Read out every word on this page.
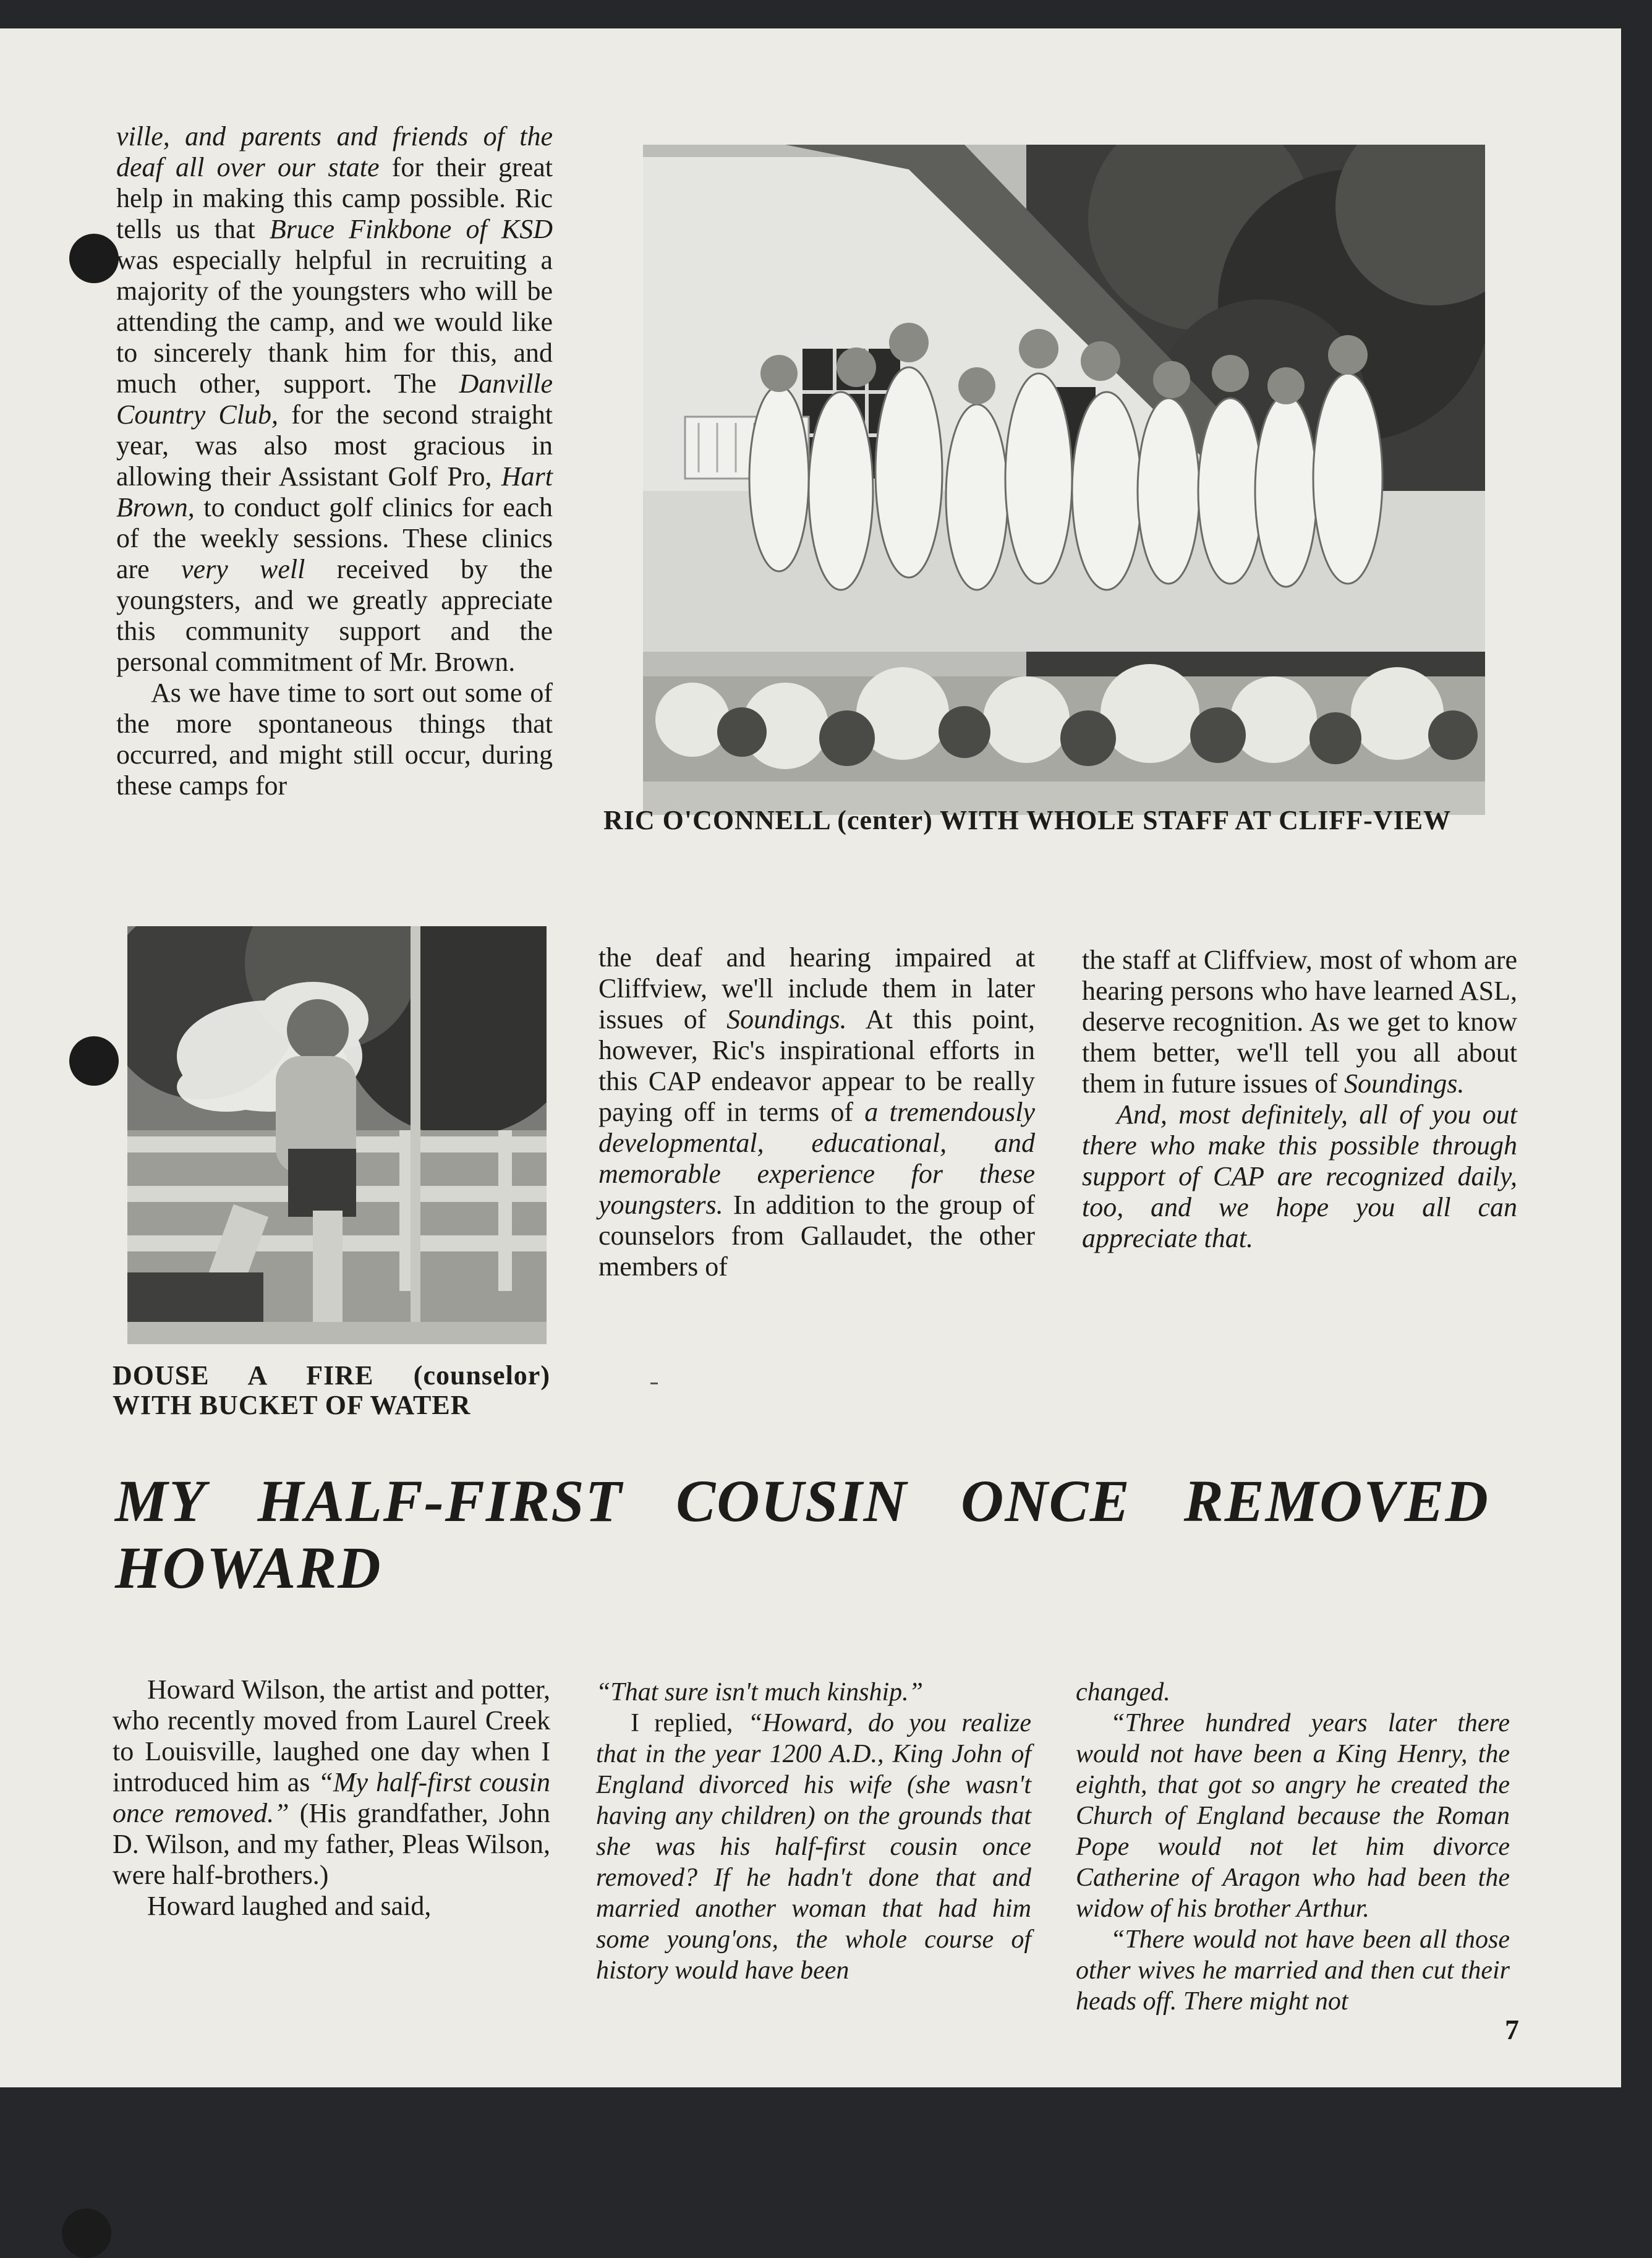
ville, and parents and friends of the deaf all over our state for their great help in making this camp possible. Ric tells us that Bruce Finkbone of KSD was especially helpful in recruiting a majority of the youngsters who will be attending the camp, and we would like to sincerely thank him for this, and much other, support. The Danville Country Club, for the second straight year, was also most gracious in allowing their Assistant Golf Pro, Hart Brown, to conduct golf clinics for each of the weekly sessions. These clinics are very well received by the youngsters, and we greatly appreciate this community support and the personal commitment of Mr. Brown.

As we have time to sort out some of the more spontaneous things that occurred, and might still occur, during these camps for

RIC O'CONNELL (center) WITH WHOLE STAFF AT CLIFF-VIEW
DOUSE A FIRE (counselor)
WITH BUCKET OF WATER

the deaf and hearing impaired at Cliffview, we'll include them in later issues of Soundings. At this point, however, Ric's inspirational efforts in this CAP endeavor appear to be really paying off in terms of a tremendously developmental, educational, and memorable experience for these youngsters. In addition to the group of counselors from Gallaudet, the other members of

the staff at Cliffview, most of whom are hearing persons who have learned ASL, deserve recognition. As we get to know them better, we'll tell you all about them in future issues of Soundings.

And, most definitely, all of you out there who make this possible through support of CAP are recognized daily, too, and we hope you all can appreciate that.

MY HALF-FIRST COUSIN ONCE REMOVED HOWARD

Howard Wilson, the artist and potter, who recently moved from Laurel Creek to Louisville, laughed one day when I introduced him as “My half-first cousin once removed.” (His grandfather, John D. Wilson, and my father, Pleas Wilson, were half-brothers.)

Howard laughed and said,

“That sure isn't much kinship.”

I replied, “Howard, do you realize that in the year 1200 A.D., King John of England divorced his wife (she wasn't having any children) on the grounds that she was his half-first cousin once removed? If he hadn't done that and married another woman that had him some young'ons, the whole course of history would have been

changed.

“Three hundred years later there would not have been a King Henry, the eighth, that got so angry he created the Church of England because the Roman Pope would not let him divorce Catherine of Aragon who had been the widow of his brother Arthur.

“There would not have been all those other wives he married and then cut their heads off. There might not

7
